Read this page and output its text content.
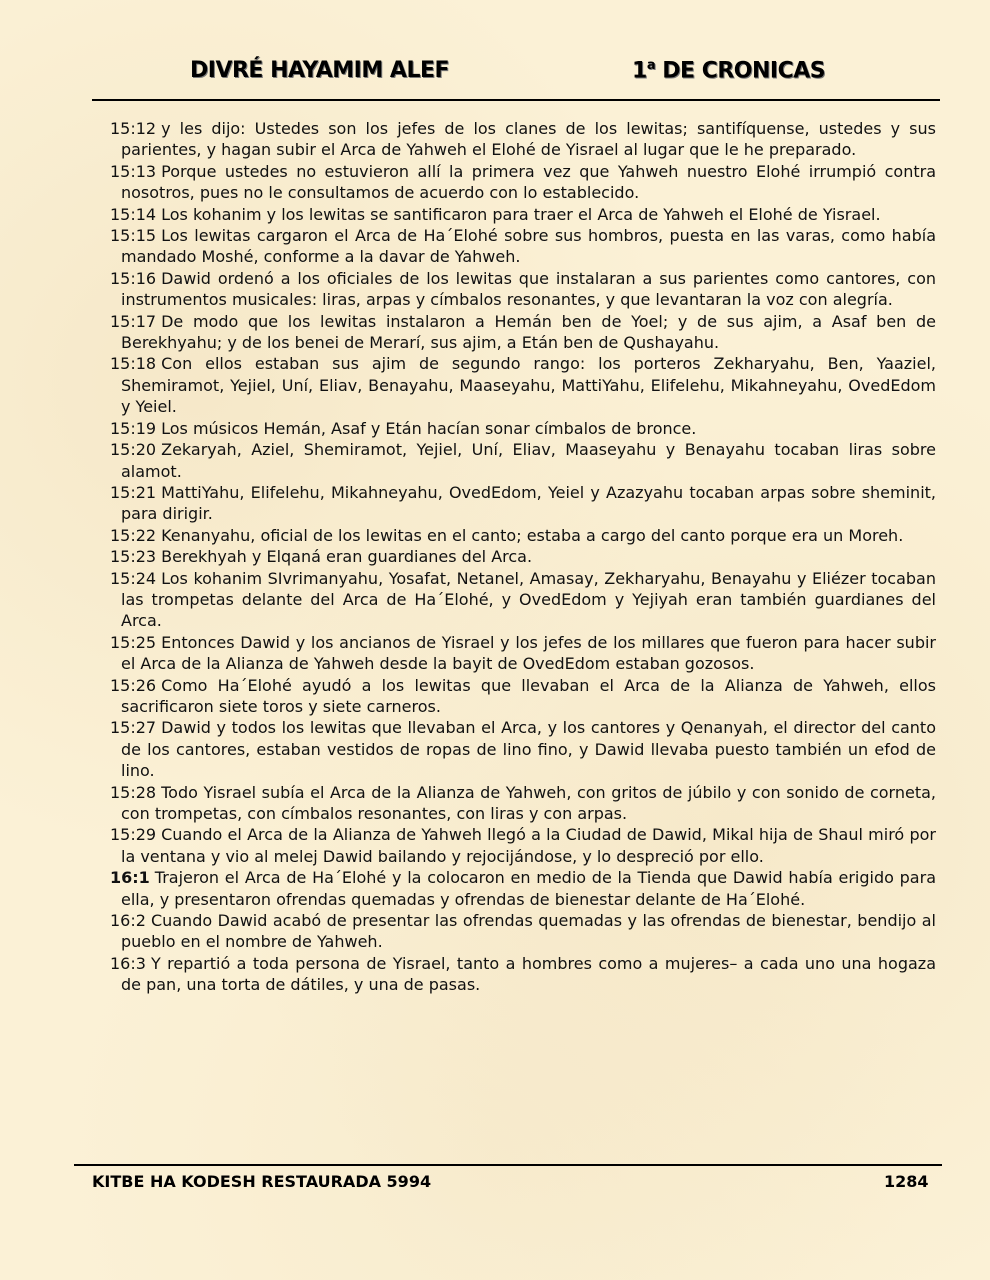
DIVRÉ HAYAMIM ALEF	1$^a$ DE CRONICAS

15:12 y les dijo: Ustedes son los jefes de los clanes de los lewitas; santifíquense, ustedes y sus parientes, y hagan subir el Arca de Yahweh el Elohé de Yisrael al lugar que le he preparado.

15:13 Porque ustedes no estuvieron allí la primera vez que Yahweh nuestro Elohé irrumpió contra nosotros, pues no le consultamos de acuerdo con lo establecido.

15:14 Los kohanim y los lewitas se santificaron para traer el Arca de Yahweh el Elohé de Yisrael.

15:15 Los lewitas cargaron el Arca de Ha´Elohé sobre sus hombros, puesta en las varas, como había mandado Moshé, conforme a la davar de Yahweh.

15:16 Dawid ordenó a los oficiales de los lewitas que instalaran a sus parientes como cantores, con instrumentos musicales: liras, arpas y címbalos resonantes, y que levantaran la voz con alegría.

15:17 De modo que los lewitas instalaron a Hemán ben de Yoel; y de sus ajim, a Asaf ben de Berekhyahu; y de los benei de Merarí, sus ajim, a Etán ben de Qushayahu.

15:18 Con ellos estaban sus ajim de segundo rango: los porteros Zekharyahu, Ben, Yaaziel, Shemiramot, Yejiel, Uní, Eliav, Benayahu, Maaseyahu, MattiYahu, Elifelehu, Mikahneyahu, OvedEdom y Yeiel.

15:19 Los músicos Hemán, Asaf y Etán hacían sonar címbalos de bronce.

15:20 Zekaryah, Aziel, Shemiramot, Yejiel, Uní, Eliav, Maaseyahu y Benayahu tocaban liras sobre alamot.

15:21 MattiYahu, Elifelehu, Mikahneyahu, OvedEdom, Yeiel y Azazyahu tocaban arpas sobre sheminit, para dirigir.

15:22 Kenanyahu, oficial de los lewitas en el canto; estaba a cargo del canto porque era un Moreh.

15:23 Berekhyah y Elqaná eran guardianes del Arca.

15:24 Los kohanim SIvrimanyahu, Yosafat, Netanel, Amasay, Zekharyahu, Benayahu y Eliézer tocaban las trompetas delante del Arca de Ha´Elohé, y OvedEdom y Yejiyah eran también guardianes del Arca.

15:25 Entonces Dawid y los ancianos de Yisrael y los jefes de los millares que fueron para hacer subir el Arca de la Alianza de Yahweh desde la bayit de OvedEdom estaban gozosos.

15:26 Como Ha´Elohé ayudó a los lewitas que llevaban el Arca de la Alianza de Yahweh, ellos sacrificaron siete toros y siete carneros.

15:27 Dawid y todos los lewitas que llevaban el Arca, y los cantores y Qenanyah, el director del canto de los cantores, estaban vestidos de ropas de lino fino, y Dawid llevaba puesto también un efod de lino.

15:28 Todo Yisrael subía el Arca de la Alianza de Yahweh, con gritos de júbilo y con sonido de corneta, con trompetas, con címbalos resonantes, con liras y con arpas.

15:29 Cuando el Arca de la Alianza de Yahweh llegó a la Ciudad de Dawid, Mikal hija de Shaul miró por la ventana y vio al melej Dawid bailando y rejocijándose, y lo despreció por ello.

16:1 Trajeron el Arca de Ha´Elohé y la colocaron en medio de la Tienda que Dawid había erigido para ella, y presentaron ofrendas quemadas y ofrendas de bienestar delante de Ha´Elohé.

16:2 Cuando Dawid acabó de presentar las ofrendas quemadas y las ofrendas de bienestar, bendijo al pueblo en el nombre de Yahweh.

16:3 Y repartió a toda persona de Yisrael, tanto a hombres como a mujeres– a cada uno una hogaza de pan, una torta de dátiles, y una de pasas.

KITBE HA KODESH RESTAURADA 5994	1284
